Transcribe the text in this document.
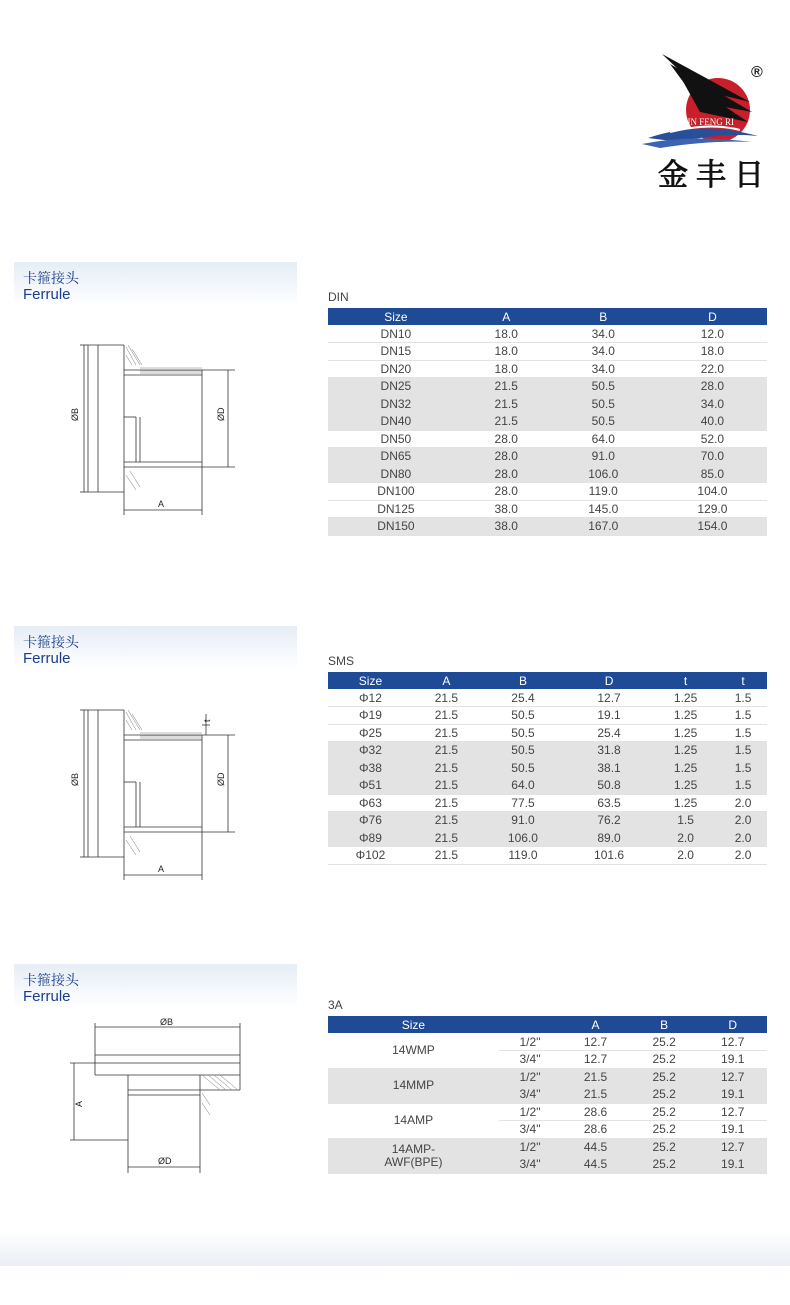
JIN FENG RI
®
金丰日
卡箍接头
Ferrule
ØB	ØD
A
DIN
Size	A	B	D
DN10	18.0	34.0	12.0
DN15	18.0	34.0	18.0
DN20	18.0	34.0	22.0
DN25	21.5	50.5	28.0
DN32	21.5	50.5	34.0
DN40	21.5	50.5	40.0
DN50	28.0	64.0	52.0
DN65	28.0	91.0	70.0
DN80	28.0	106.0	85.0
DN100	28.0	119.0	104.0
DN125	38.0	145.0	129.0
DN150	38.0	167.0	154.0
卡箍接头
Ferrule
ØB	ØD
A
t
SMS
Size	A	B	D	t	t
Φ12	21.5	25.4	12.7	1.25	1.5
Φ19	21.5	50.5	19.1	1.25	1.5
Φ25	21.5	50.5	25.4	1.25	1.5
Φ32	21.5	50.5	31.8	1.25	1.5
Φ38	21.5	50.5	38.1	1.25	1.5
Φ51	21.5	64.0	50.8	1.25	1.5
Φ63	21.5	77.5	63.5	1.25	2.0
Φ76	21.5	91.0	76.2	1.5	2.0
Φ89	21.5	106.0	89.0	2.0	2.0
Φ102	21.5	119.0	101.6	2.0	2.0
卡箍接头
Ferrule
ØB
A
ØD
3A
Size		A	B	D
14WMP	1/2''	12.7	25.2	12.7
	3/4''	12.7	25.2	19.1
14MMP	1/2''	21.5	25.2	12.7
	3/4''	21.5	25.2	19.1
14AMP	1/2''	28.6	25.2	12.7
	3/4''	28.6	25.2	19.1
14AMP-
AWF(BPE)	1/2''	44.5	25.2	12.7
	3/4''	44.5	25.2	19.1
